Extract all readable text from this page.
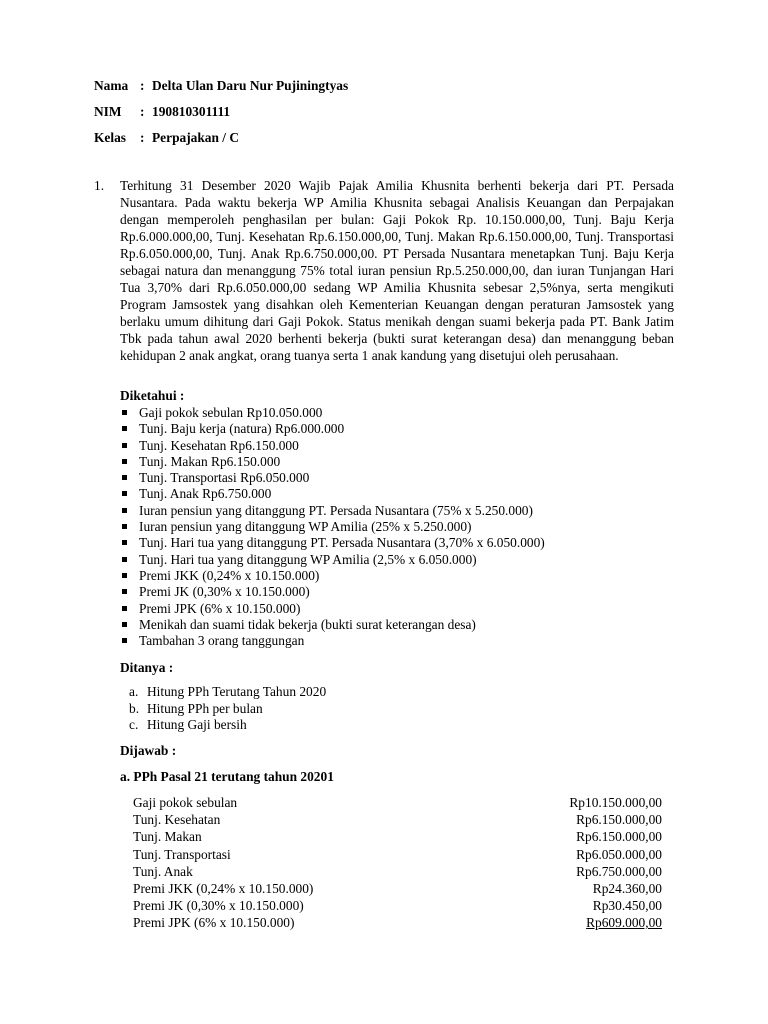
Nama : Delta Ulan Daru Nur Pujiningtyas
NIM : 190810301111
Kelas : Perpajakan / C
1. Terhitung 31 Desember 2020 Wajib Pajak Amilia Khusnita berhenti bekerja dari PT. Persada Nusantara. Pada waktu bekerja WP Amilia Khusnita sebagai Analisis Keuangan dan Perpajakan dengan memperoleh penghasilan per bulan: Gaji Pokok Rp. 10.150.000,00, Tunj. Baju Kerja Rp.6.000.000,00, Tunj. Kesehatan Rp.6.150.000,00, Tunj. Makan Rp.6.150.000,00, Tunj. Transportasi Rp.6.050.000,00, Tunj. Anak Rp.6.750.000,00. PT Persada Nusantara menetapkan Tunj. Baju Kerja sebagai natura dan menanggung 75% total iuran pensiun Rp.5.250.000,00, dan iuran Tunjangan Hari Tua 3,70% dari Rp.6.050.000,00 sedang WP Amilia Khusnita sebesar 2,5%nya, serta mengikuti Program Jamsostek yang disahkan oleh Kementerian Keuangan dengan peraturan Jamsostek yang berlaku umum dihitung dari Gaji Pokok. Status menikah dengan suami bekerja pada PT. Bank Jatim Tbk pada tahun awal 2020 berhenti bekerja (bukti surat keterangan desa) dan menanggung beban kehidupan 2 anak angkat, orang tuanya serta 1 anak kandung yang disetujui oleh perusahaan.
Diketahui :
Gaji pokok sebulan Rp10.050.000
Tunj. Baju kerja (natura) Rp6.000.000
Tunj. Kesehatan Rp6.150.000
Tunj. Makan Rp6.150.000
Tunj. Transportasi Rp6.050.000
Tunj. Anak Rp6.750.000
Iuran pensiun yang ditanggung PT. Persada Nusantara (75% x 5.250.000)
Iuran pensiun yang ditanggung WP Amilia (25% x 5.250.000)
Tunj. Hari tua yang ditanggung PT. Persada Nusantara (3,70% x 6.050.000)
Tunj. Hari tua yang ditanggung WP Amilia (2,5% x 6.050.000)
Premi JKK (0,24% x 10.150.000)
Premi JK (0,30% x 10.150.000)
Premi JPK (6% x 10.150.000)
Menikah dan suami tidak bekerja (bukti surat keterangan desa)
Tambahan 3 orang tanggungan
Ditanya :
a. Hitung PPh Terutang Tahun 2020
b. Hitung PPh per bulan
c. Hitung Gaji bersih
Dijawab :
a. PPh Pasal 21 terutang tahun 20201
Gaji pokok sebulan	Rp10.150.000,00
Tunj. Kesehatan	Rp6.150.000,00
Tunj. Makan	Rp6.150.000,00
Tunj. Transportasi	Rp6.050.000,00
Tunj. Anak	Rp6.750.000,00
Premi JKK (0,24% x 10.150.000)	Rp24.360,00
Premi JK (0,30% x 10.150.000)	Rp30.450,00
Premi JPK (6% x 10.150.000)	Rp609.000,00
